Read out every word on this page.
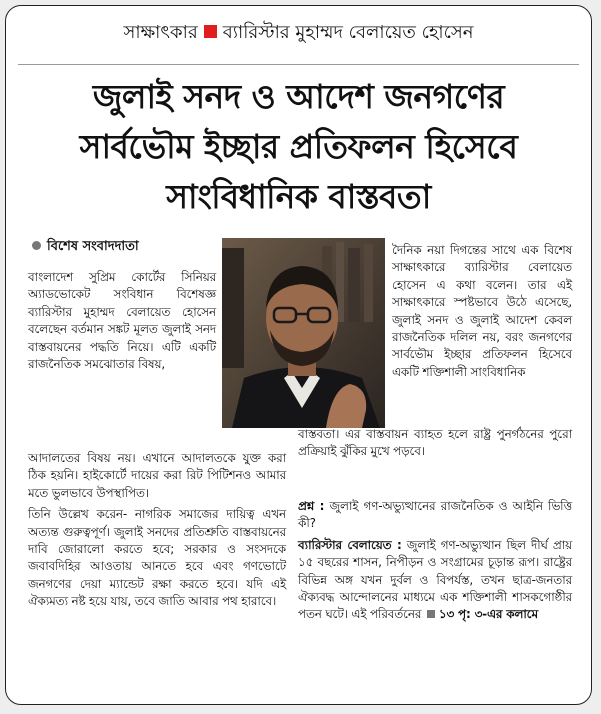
সাক্ষাৎকার ব্যারিস্টার মুহাম্মদ বেলায়েত হোসেন
জুলাই সনদ ও আদেশ জনগণের
সার্বভৌম ইচ্ছার প্রতিফলন হিসেবে
সাংবিধানিক বাস্তবতা
বিশেষ সংবাদদাতা

বাংলাদেশ সুপ্রিম কোর্টের সিনিয়র অ্যাডভোকেট সংবিধান বিশেষজ্ঞ ব্যারিস্টার মুহাম্মদ বেলায়েত হোসেন বলেছেন বর্তমান সঙ্কট মূলত জুলাই সনদ বাস্তবায়নের পদ্ধতি নিয়ে। এটি একটি রাজনৈতিক সমঝোতার বিষয়,

দৈনিক নয়া দিগন্তের সাথে এক বিশেষ সাক্ষাৎকারে ব্যারিস্টার বেলায়েত হোসেন এ কথা বলেন। তার এই সাক্ষাৎকারে স্পষ্টভাবে উঠে এসেছে, জুলাই সনদ ও জুলাই আদেশ কেবল রাজনৈতিক দলিল নয়, বরং জনগণের সার্বভৌম ইচ্ছার প্রতিফলন হিসেবে একটি শক্তিশালী সাংবিধানিক

বাস্তবতা। এর বাস্তবায়ন ব্যাহত হলে রাষ্ট্র পুনর্গঠনের পুরো প্রক্রিয়াই ঝুঁকির মুখে পড়বে।

আদালতের বিষয় নয়। এখানে আদালতকে যুক্ত করা ঠিক হয়নি। হাইকোর্টে দায়ের করা রিট পিটিশনও আমার মতে ভুলভাবে উপস্থাপিত।

তিনি উল্লেখ করেন- নাগরিক সমাজের দায়িত্ব এখন অত্যন্ত গুরুত্বপূর্ণ। জুলাই সনদের প্রতিশ্রুতি বাস্তবায়নের দাবি জোরালো করতে হবে; সরকার ও সংসদকে জবাবদিহির আওতায় আনতে হবে এবং গণভোটে জনগণের দেয়া ম্যান্ডেট রক্ষা করতে হবে। যদি এই ঐক্যমত্য নষ্ট হয়ে যায়, তবে জাতি আবার পথ হারাবে।

প্রশ্ন : জুলাই গণ-অভ্যুত্থানের রাজনৈতিক ও আইনি ভিত্তি কী?

ব্যারিস্টার বেলায়েত : জুলাই গণ-অভ্যুত্থান ছিল দীর্ঘ প্রায় ১৫ বছরের শাসন, নিপীড়ন ও সংগ্রামের চূড়ান্ত রূপ। রাষ্ট্রের বিভিন্ন অঙ্গ যখন দুর্বল ও বিপর্যস্ত, তখন ছাত্র-জনতার ঐক্যবদ্ধ আন্দোলনের মাধ্যমে এক শক্তিশালী শাসকগোষ্ঠীর পতন ঘটে। এই পরিবর্তনের ১৩ পৃ: ৩-এর কলামে
